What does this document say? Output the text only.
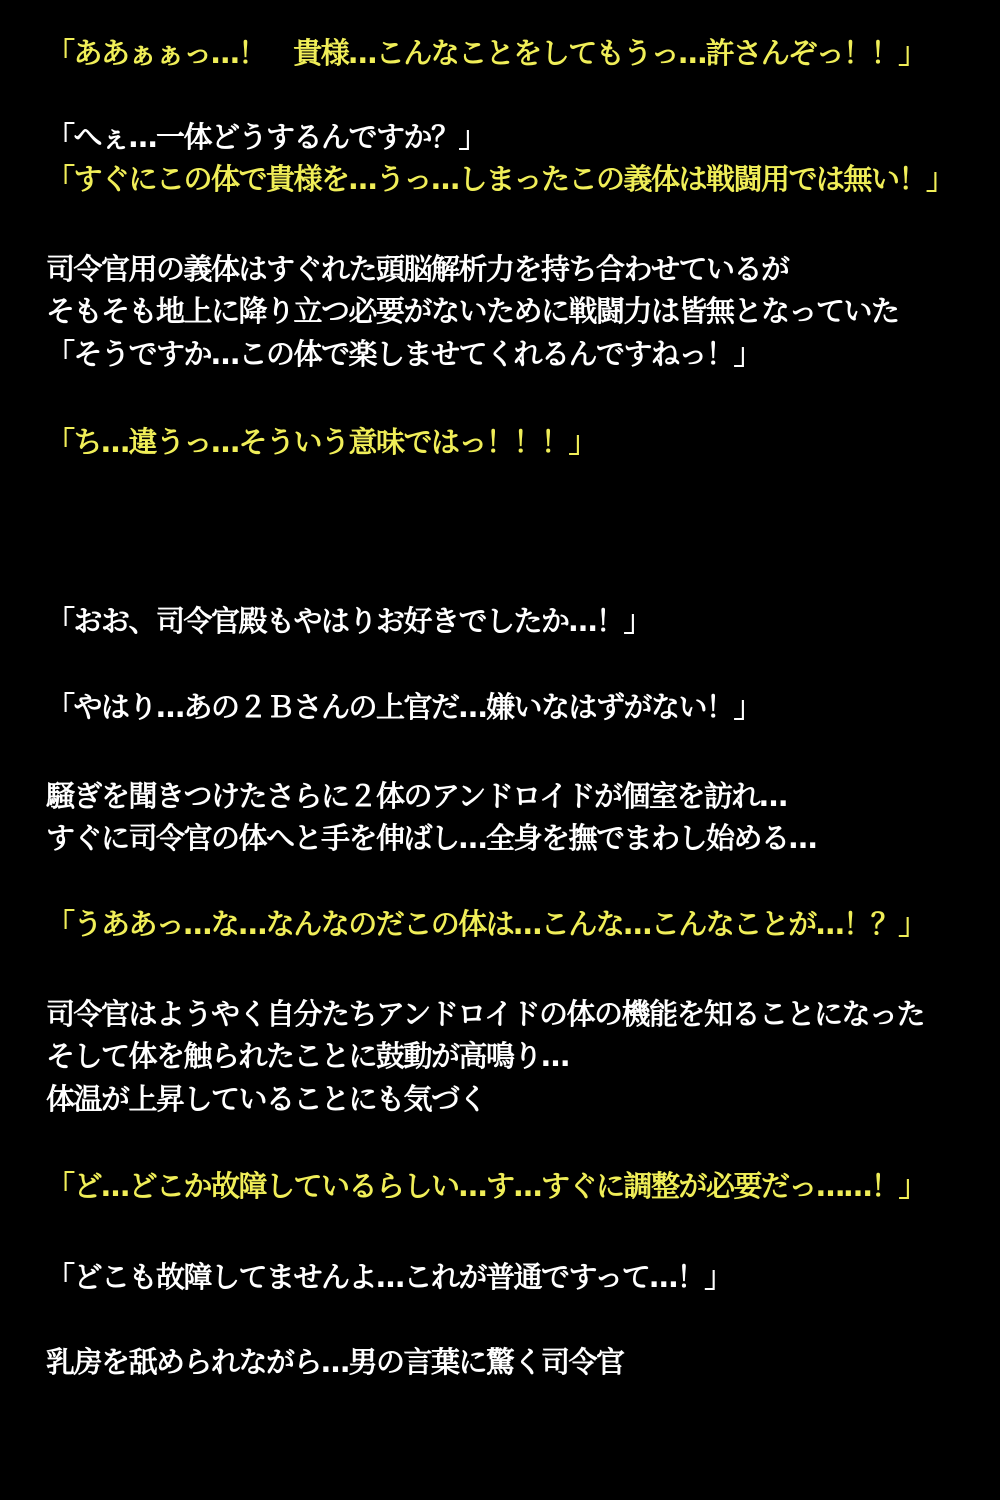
「ああぁぁっ…！　貴様…こんなことをしてもうっ…許さんぞっ！！」
「へぇ…一体どうするんですか？」
「すぐにこの体で貴様を…うっ…しまったこの義体は戦闘用では無い！」
司令官用の義体はすぐれた頭脳解析力を持ち合わせているが
そもそも地上に降り立つ必要がないために戦闘力は皆無となっていた
「そうですか…この体で楽しませてくれるんですねっ！」
「ち…違うっ…そういう意味ではっ！！！」
「おお、司令官殿もやはりお好きでしたか…！」
「やはり…あの２Ｂさんの上官だ…嫌いなはずがない！」
騒ぎを聞きつけたさらに２体のアンドロイドが個室を訪れ…
すぐに司令官の体へと手を伸ばし…全身を撫でまわし始める…
「うああっ…な…なんなのだこの体は…こんな…こんなことが…！？」
司令官はようやく自分たちアンドロイドの体の機能を知ることになった
そして体を触られたことに鼓動が高鳴り…
体温が上昇していることにも気づく
「ど…どこか故障しているらしい…す…すぐに調整が必要だっ……！」
「どこも故障してませんよ…これが普通ですって…！」
乳房を舐められながら…男の言葉に驚く司令官
